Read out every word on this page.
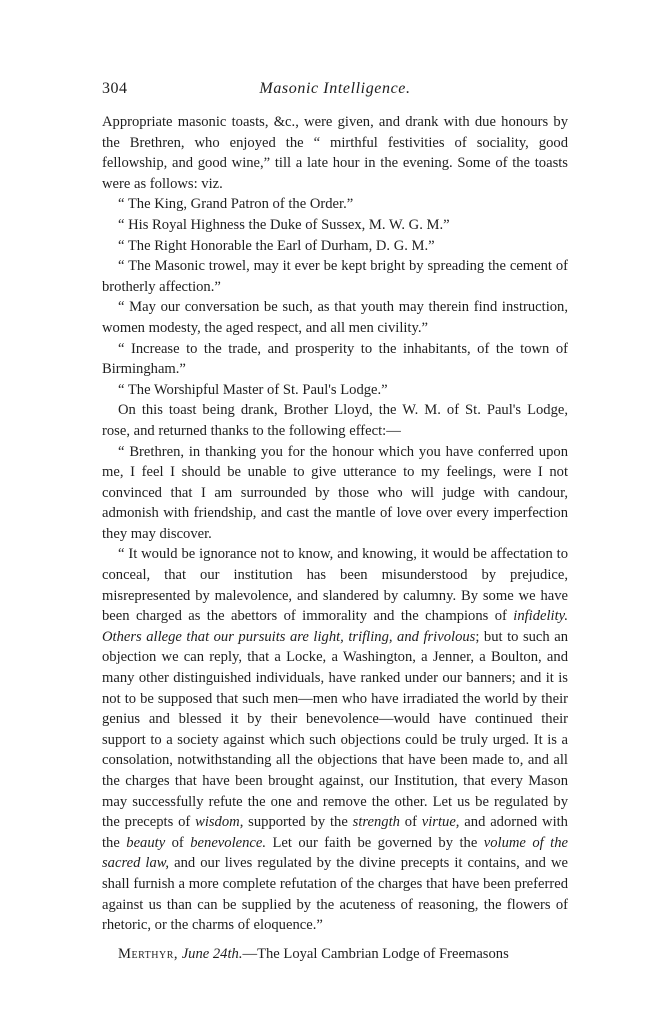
304	Masonic Intelligence.

Appropriate masonic toasts, &c., were given, and drank with due honours by the Brethren, who enjoyed the “ mirthful festivities of sociality, good fellowship, and good wine,” till a late hour in the evening. Some of the toasts were as follows: viz.

“ The King, Grand Patron of the Order.”

“ His Royal Highness the Duke of Sussex, M. W. G. M.”

“ The Right Honorable the Earl of Durham, D. G. M.”

“ The Masonic trowel, may it ever be kept bright by spreading the cement of brotherly affection.”

“ May our conversation be such, as that youth may therein find instruction, women modesty, the aged respect, and all men civility.”

“ Increase to the trade, and prosperity to the inhabitants, of the town of Birmingham.”

“ The Worshipful Master of St. Paul's Lodge.”

On this toast being drank, Brother Lloyd, the W. M. of St. Paul's Lodge, rose, and returned thanks to the following effect:—

“ Brethren, in thanking you for the honour which you have conferred upon me, I feel I should be unable to give utterance to my feelings, were I not convinced that I am surrounded by those who will judge with candour, admonish with friendship, and cast the mantle of love over every imperfection they may discover.

“ It would be ignorance not to know, and knowing, it would be affectation to conceal, that our institution has been misunderstood by prejudice, misrepresented by malevolence, and slandered by calumny. By some we have been charged as the abettors of immorality and the champions of infidelity. Others allege that our pursuits are light, trifling, and frivolous; but to such an objection we can reply, that a Locke, a Washington, a Jenner, a Boulton, and many other distinguished individuals, have ranked under our banners; and it is not to be supposed that such men—men who have irradiated the world by their genius and blessed it by their benevolence—would have continued their support to a society against which such objections could be truly urged. It is a consolation, notwithstanding all the objections that have been made to, and all the charges that have been brought against, our Institution, that every Mason may successfully refute the one and remove the other. Let us be regulated by the precepts of wisdom, supported by the strength of virtue, and adorned with the beauty of benevolence. Let our faith be governed by the volume of the sacred law, and our lives regulated by the divine precepts it contains, and we shall furnish a more complete refutation of the charges that have been preferred against us than can be supplied by the acuteness of reasoning, the flowers of rhetoric, or the charms of eloquence.”

Merthyr, June 24th.—The Loyal Cambrian Lodge of Freemasons
